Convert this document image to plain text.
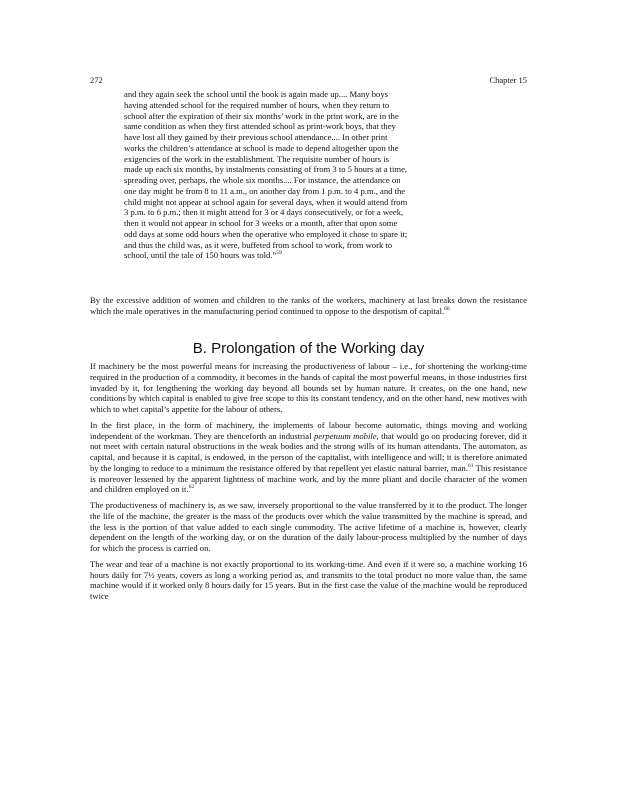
272	Chapter 15
and they again seek the school until the book is again made up.... Many boys
having attended school for the required number of hours, when they return to
school after the expiration of their six months’ work in the print work, are in the
same condition as when they first attended school as print-work boys, that they
have lost all they gained by their previous school attendance.... In other print
works the children’s attendance at school is made to depend altogether upon the
exigencies of the work in the establishment. The requisite number of hours is
made up each six months, by instalments consisting of from 3 to 5 hours at a time,
spreading over, perhaps, the whole six months.... For instance, the attendance on
one day might be from 8 to 11 a.m., on another day from 1 p.m. to 4 p.m., and the
child might not appear at school again for several days, when it would attend from
3 p.m. to 6 p.m.; then it might attend for 3 or 4 days consecutively, or for a week,
then it would not appear in school for 3 weeks or a month, after that upon some
odd days at some odd hours when the operative who employed it chose to spare it;
and thus the child was, as it were, buffeted from school to work, from work to
school, until the tale of 150 hours was told.”$^{59}$

By the excessive addition of women and children to the ranks of the workers, machinery at last breaks down the resistance which the male operatives in the manufacturing period continued to oppose to the despotism of capital.$^{60}$

B. Prolongation of the Working day

If machinery be the most powerful means for increasing the productiveness of labour – i.e., for shortening the working-time required in the production of a commodity, it becomes in the hands of capital the most powerful means, in those industries first invaded by it, for lengthening the working day beyond all bounds set by human nature. It creates, on the one hand, new conditions by which capital is enabled to give free scope to this its constant tendency, and on the other hand, new motives with which to whet capital’s appetite for the labour of others.

In the first place, in the form of machinery, the implements of labour become automatic, things moving and working independent of the workman. They are thenceforth an industrial perpetuum mobile, that would go on producing forever, did it not meet with certain natural obstructions in the weak bodies and the strong wills of its human attendants. The automaton, as capital, and because it is capital, is endowed, in the person of the capitalist, with intelligence and will; it is therefore animated by the longing to reduce to a minimum the resistance offered by that repellent yet elastic natural barrier, man.$^{61}$ This resistance is moreover lessened by the apparent lightness of machine work, and by the more pliant and docile character of the women and children employed on it.$^{62}$

The productiveness of machinery is, as we saw, inversely proportional to the value transferred by it to the product. The longer the life of the machine, the greater is the mass of the products over which the value transmitted by the machine is spread, and the less is the portion of that value added to each single commodity. The active lifetime of a machine is, however, clearly dependent on the length of the working day, or on the duration of the daily labour-process multiplied by the number of days for which the process is carried on.

The wear and tear of a machine is not exactly proportional to its working-time. And even if it were so, a machine working 16 hours daily for 7½ years, covers as long a working period as, and transmits to the total product no more value than, the same machine would if it worked only 8 hours daily for 15 years. But in the first case the value of the machine would be reproduced twice
